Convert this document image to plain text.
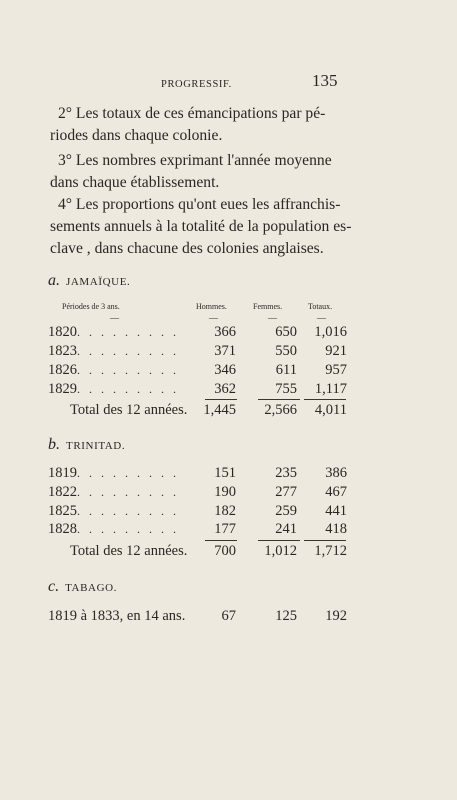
PROGRESSIF.	135
2° Les totaux de ces émancipations par pé-
riodes dans chaque colonie.
3° Les nombres exprimant l'année moyenne
dans chaque établissement.
4° Les proportions qu'ont eues les affranchis-
sements annuels à la totalité de la population es-
clave , dans chacune des colonies anglaises.
a. JAMAÏQUE.
Périodes de 3 ans.	Hommes.	Femmes.	Totaux.
—	—	—	—
1820. . . . . . . . .	366	650	1,016
1823. . . . . . . . .	371	550	921
1826. . . . . . . . .	346	611	957
1829. . . . . . . . .	362	755	1,117
Total des 12 années.	1,445	2,566	4,011
b. TRINITAD.
1819. . . . . . . . .	151	235	386
1822. . . . . . . . .	190	277	467
1825. . . . . . . . .	182	259	441
1828. . . . . . . . .	177	241	418
Total des 12 années.	700	1,012	1,712
c. TABAGO.
1819 à 1833, en 14 ans.	67	125	192
